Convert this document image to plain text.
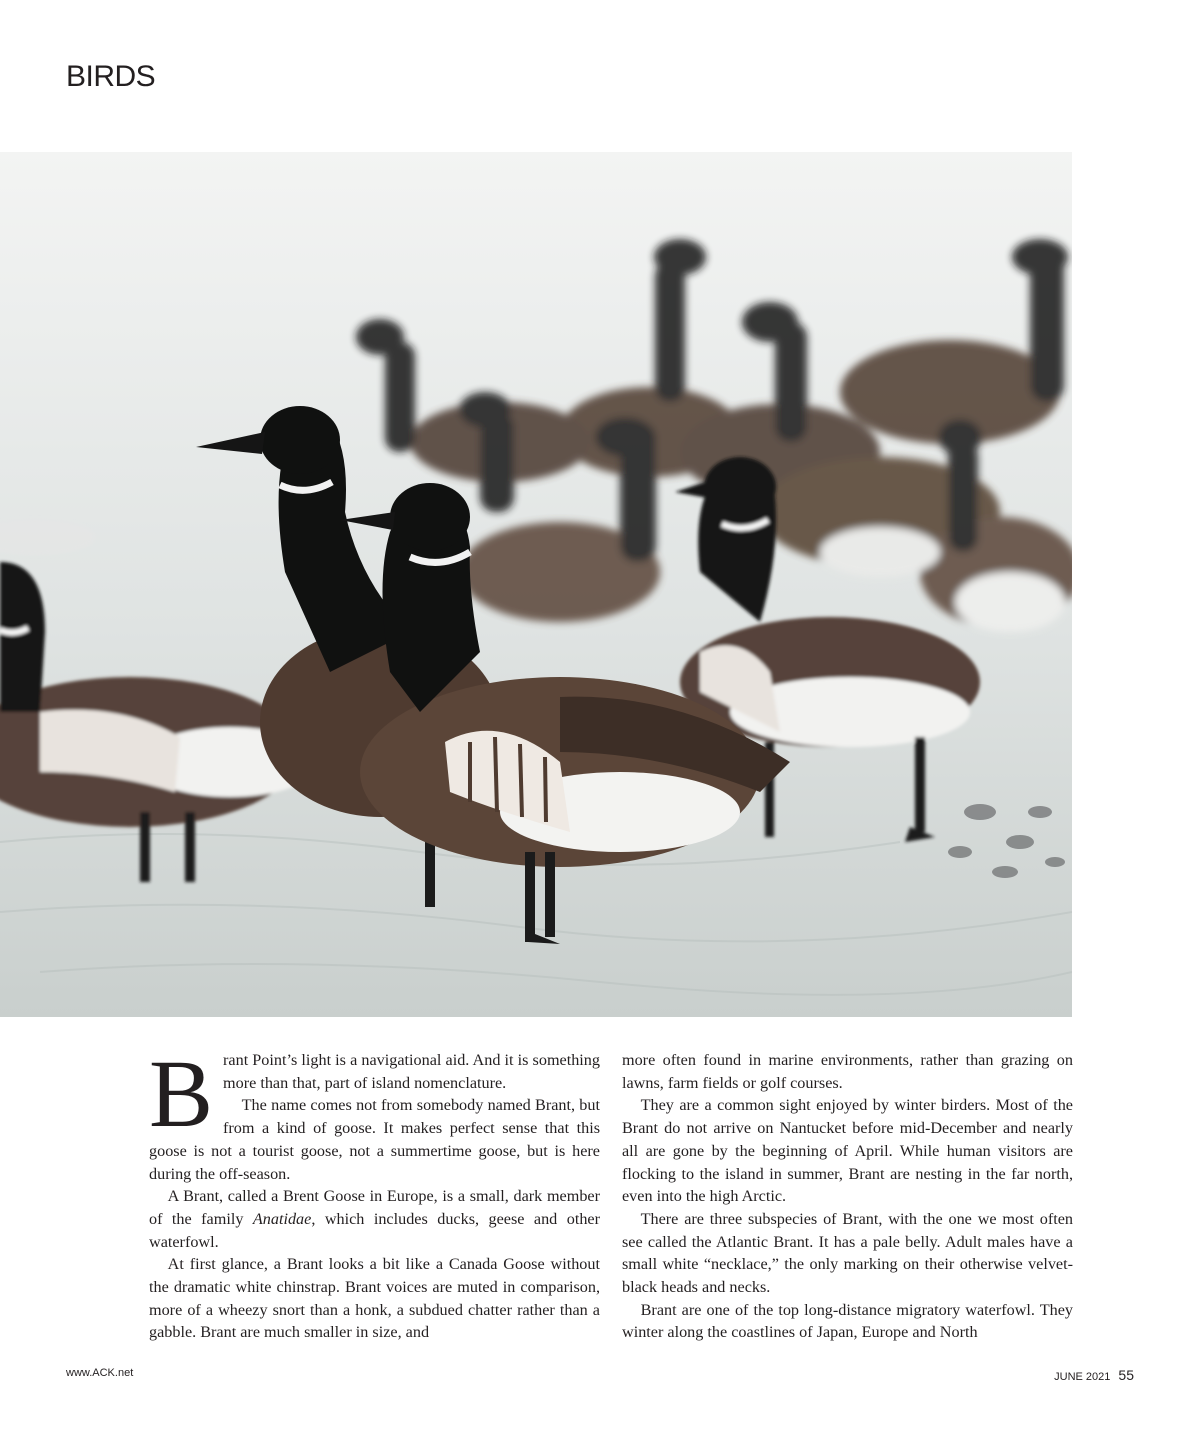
BIRDS

Brant Point’s light is a navigational aid. And it is something more than that, part of island nomenclature.

The name comes not from somebody named Brant, but from a kind of goose. It makes perfect sense that this goose is not a tourist goose, not a summertime goose, but is here during the off-season.

A Brant, called a Brent Goose in Europe, is a small, dark member of the family Anatidae, which includes ducks, geese and other waterfowl.

At first glance, a Brant looks a bit like a Canada Goose without the dramatic white chinstrap. Brant voices are muted in comparison, more of a wheezy snort than a honk, a subdued chatter rather than a gabble. Brant are much smaller in size, and

more often found in marine environments, rather than grazing on lawns, farm fields or golf courses.

They are a common sight enjoyed by winter birders. Most of the Brant do not arrive on Nantucket before mid-December and nearly all are gone by the beginning of April. While human visitors are flocking to the island in summer, Brant are nesting in the far north, even into the high Arctic.

There are three subspecies of Brant, with the one we most often see called the Atlantic Brant. It has a pale belly. Adult males have a small white “necklace,” the only marking on their otherwise velvet-black heads and necks.

Brant are one of the top long-distance migratory waterfowl. They winter along the coastlines of Japan, Europe and North

www.ACK.net	JUNE 2021 55
